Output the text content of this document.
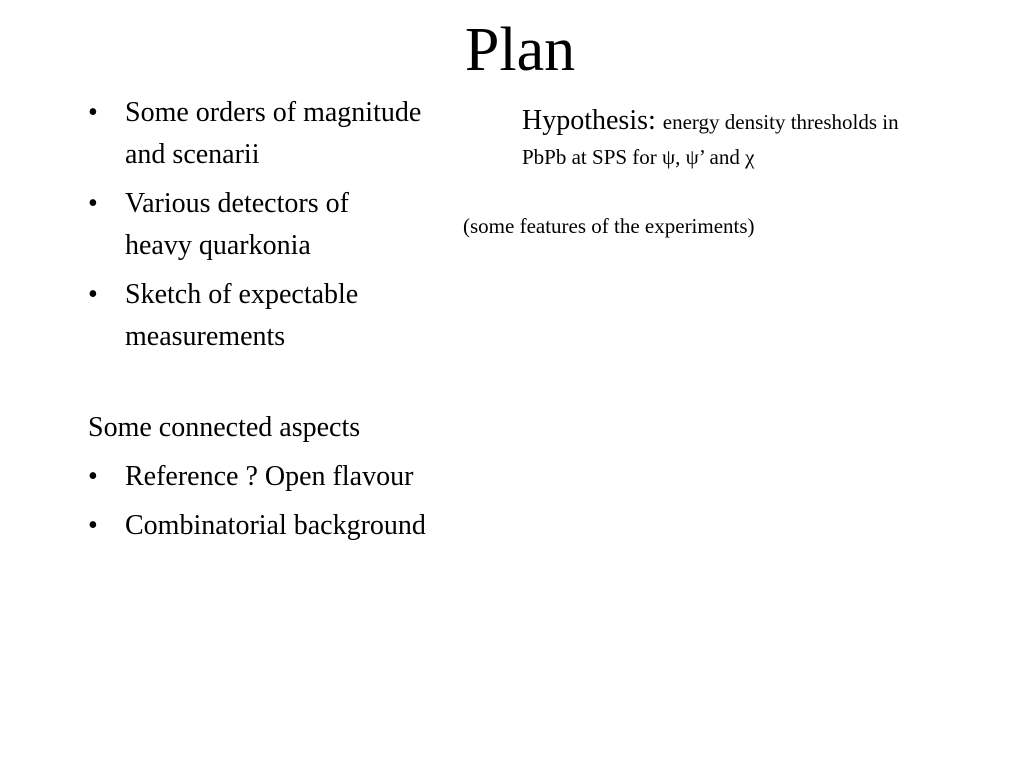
Plan
• Some orders of magnitude
and scenarii
• Various detectors of
heavy quarkonia
• Sketch of expectable
measurements
Some connected aspects
• Reference ? Open flavour
• Combinatorial background
Hypothesis: energy density thresholds in
PbPb at SPS for ψ, ψ’ and χ
(some features of the experiments)
